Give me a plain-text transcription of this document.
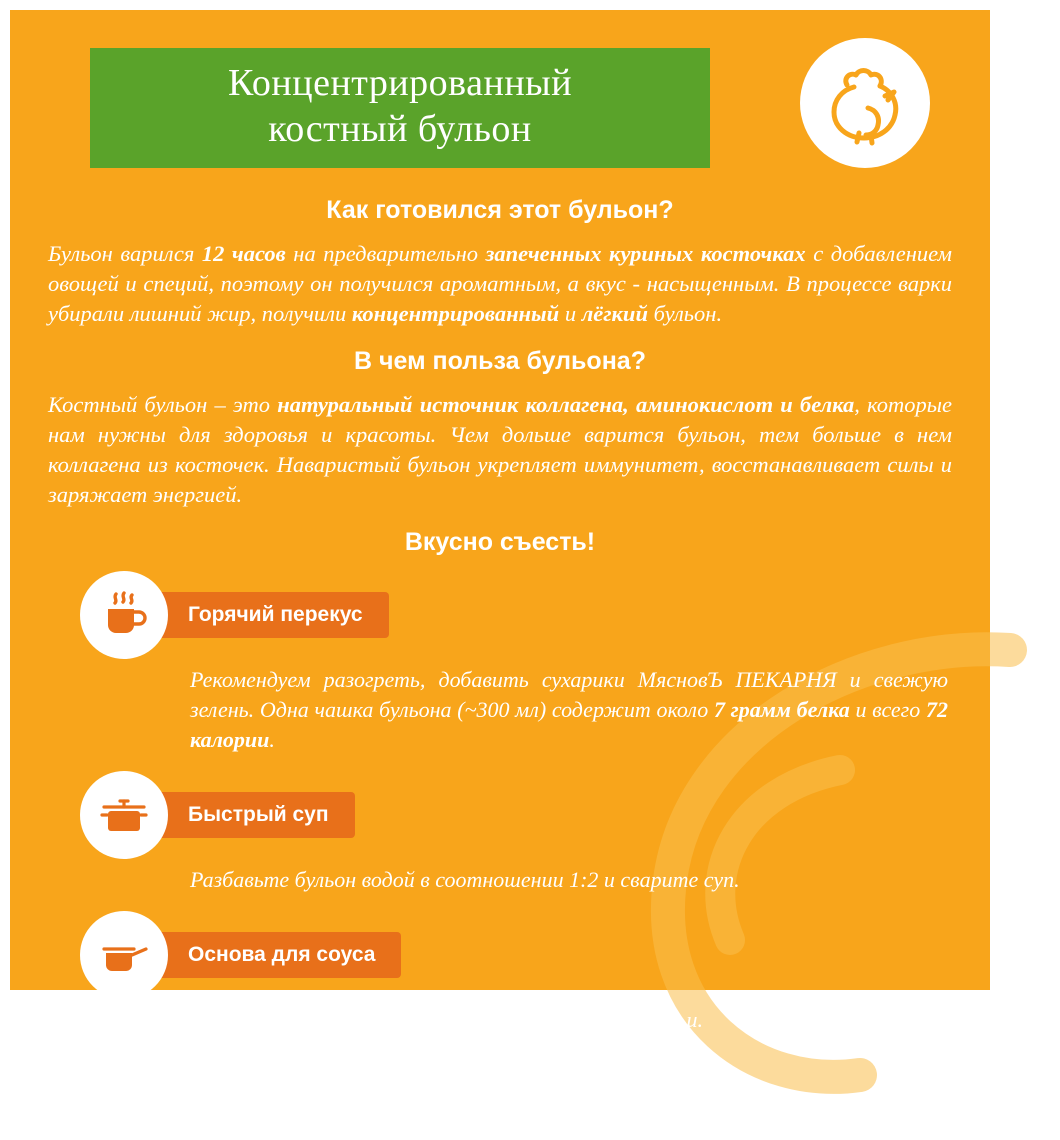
Концентрированный
костный бульон
Как готовился этот бульон?

Бульон варился 12 часов на предварительно запеченных куриных косточках с добавлением овощей и специй, поэтому он получился ароматным, а вкус - насыщенным. В процессе варки убирали лишний жир, получили концентрированный и лёгкий бульон.

В чем польза бульона?

Костный бульон – это натуральный источник коллагена, аминокислот и белка, которые нам нужны для здоровья и красоты. Чем дольше варится бульон, тем больше в нем коллагена из косточек. Наваристый бульон укрепляет иммунитет, восстанавливает силы и заряжает энергией.

Вкусно съесть!
Горячий перекус
Рекомендуем разогреть, добавить сухарики МясновЪ ПЕКАРНЯ и свежую зелень. Одна чашка бульона (~300 мл) содержит около 7 грамм белка и всего 72 калории.
Быстрый суп
Разбавьте бульон водой в соотношении 1:2 и сварите суп.
Основа для соуса
Приготовьте из бульона соус для ризотто или паэльи.
